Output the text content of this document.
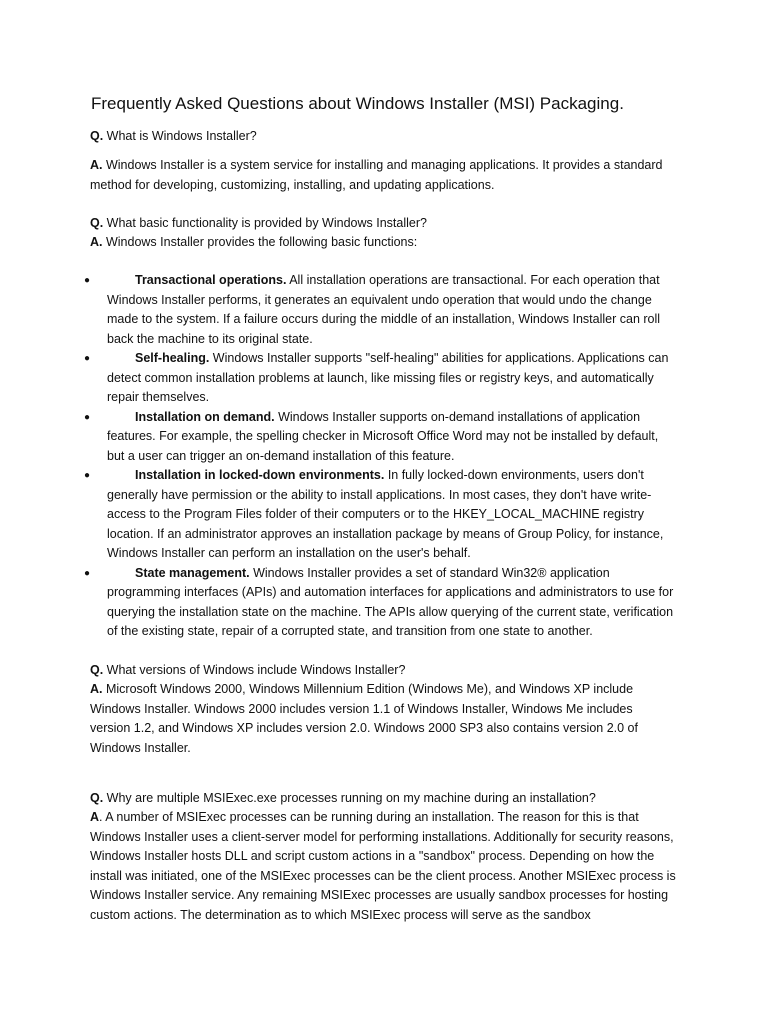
Frequently Asked Questions about Windows Installer (MSI) Packaging.

Q. What is Windows Installer?

A. Windows Installer is a system service for installing and managing applications. It provides a standard method for developing, customizing, installing, and updating applications.

Q. What basic functionality is provided by Windows Installer?

A. Windows Installer provides the following basic functions:

●	Transactional operations. All installation operations are transactional. For each operation that Windows Installer performs, it generates an equivalent undo operation that would undo the change made to the system. If a failure occurs during the middle of an installation, Windows Installer can roll back the machine to its original state.
●	Self-healing. Windows Installer supports "self-healing" abilities for applications. Applications can detect common installation problems at launch, like missing files or registry keys, and automatically repair themselves.
●	Installation on demand. Windows Installer supports on-demand installations of application features. For example, the spelling checker in Microsoft Office Word may not be installed by default, but a user can trigger an on-demand installation of this feature.
●	Installation in locked-down environments. In fully locked-down environments, users don't generally have permission or the ability to install applications. In most cases, they don't have write-access to the Program Files folder of their computers or to the HKEY_LOCAL_MACHINE registry location. If an administrator approves an installation package by means of Group Policy, for instance, Windows Installer can perform an installation on the user's behalf.
●	State management. Windows Installer provides a set of standard Win32® application programming interfaces (APIs) and automation interfaces for applications and administrators to use for querying the installation state on the machine. The APIs allow querying of the current state, verification of the existing state, repair of a corrupted state, and transition from one state to another.

Q. What versions of Windows include Windows Installer?

A. Microsoft Windows 2000, Windows Millennium Edition (Windows Me), and Windows XP include Windows Installer. Windows 2000 includes version 1.1 of Windows Installer, Windows Me includes version 1.2, and Windows XP includes version 2.0. Windows 2000 SP3 also contains version 2.0 of Windows Installer.

Q. Why are multiple MSIExec.exe processes running on my machine during an installation?

A. A number of MSIExec processes can be running during an installation. The reason for this is that Windows Installer uses a client-server model for performing installations. Additionally for security reasons, Windows Installer hosts DLL and script custom actions in a "sandbox" process. Depending on how the install was initiated, one of the MSIExec processes can be the client process. Another MSIExec process is Windows Installer service. Any remaining MSIExec processes are usually sandbox processes for hosting custom actions. The determination as to which MSIExec process will serve as the sandbox
